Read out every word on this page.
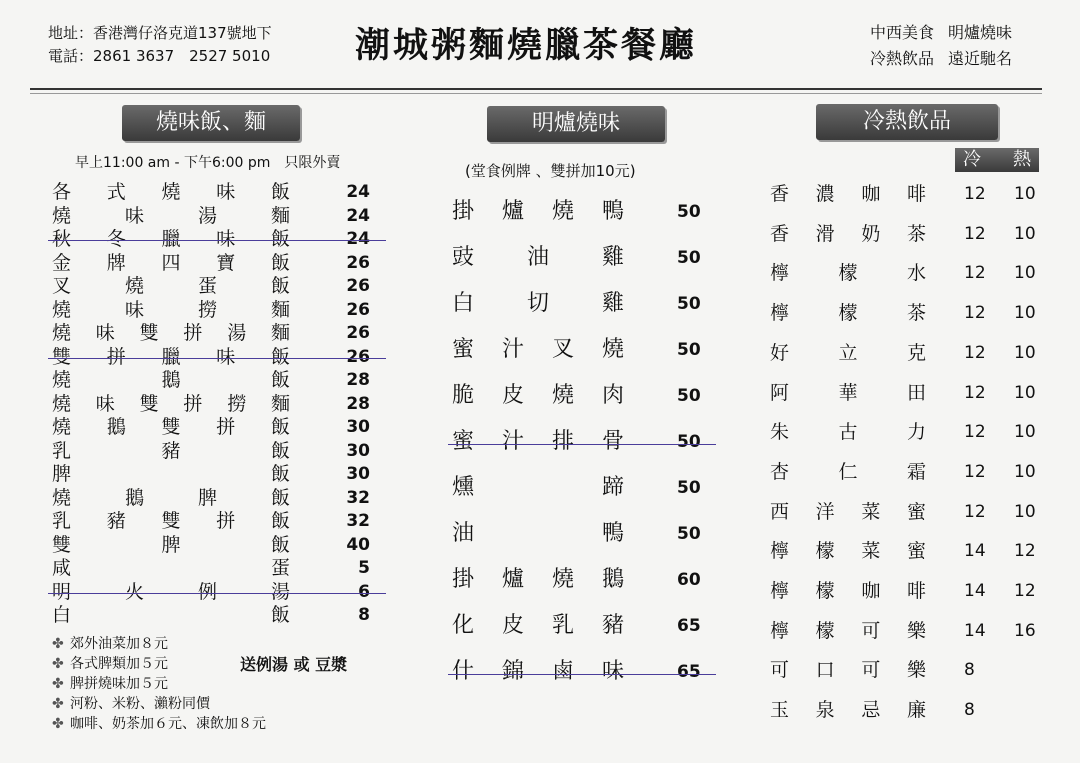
地址：香港灣仔洛克道137號地下
電話：2861 3637　2527 5010 潮城粥麵燒臘茶餐廳	中西美食 明爐燒味
冷熱飲品 遠近馳名
燒味飯、麵
早上11:00 am - 下午6:00 pm　只限外賣
各 式 燒 味 飯	24
燒	味	湯	麵	24
秋 冬 臘 味 飯	24
金 牌 四 寶 飯	26
叉	燒	蛋	飯	26
燒	味	撈	麵	26
燒 味 雙 拼 湯 麵	26
雙 拼 臘 味 飯	26
燒	鵝	飯	28
燒 味 雙 拼 撈 麵	28
燒 鵝 雙 拼 飯	30
乳	豬	飯	30
脾	飯	30
燒	鵝	脾	飯	32
乳 豬 雙 拼 飯	32
雙	脾	飯	40
咸	蛋	5
明	火	例	湯	6
白	飯	8
✤ 郊外油菜加８元
✤ 各式脾類加５元
✤ 脾拼燒味加５元
✤ 河粉、米粉、瀨粉同價
✤ 咖啡、奶茶加６元、凍飲加８元
送例湯 或 豆漿
明爐燒味
(堂食例牌 、雙拼加10元)
掛 爐 燒 鴨	50
豉 油 雞	50
白 切 雞	50
蜜 汁 叉 燒	50
脆 皮 燒 肉	50
蜜 汁 排 骨	50
燻	蹄	50
油	鴨	50
掛 爐 燒 鵝	60
化 皮 乳 豬	65
什 錦 鹵 味	65
冷熱飲品
冷 熱
香 濃 咖 啡 12 10
香 滑 奶 茶 12 10
檸	檬	水 12 10
檸	檬	茶 12 10
好	立	克 12 10
阿	華	田 12 10
朱	古	力 12 10
杏	仁	霜 12 10
西 洋 菜 蜜 12 10
檸 檬 菜 蜜 14 12
檸 檬 咖 啡 14 12
檸 檬 可 樂 14 16
可 口 可 樂 8
玉 泉 忌 廉 8
